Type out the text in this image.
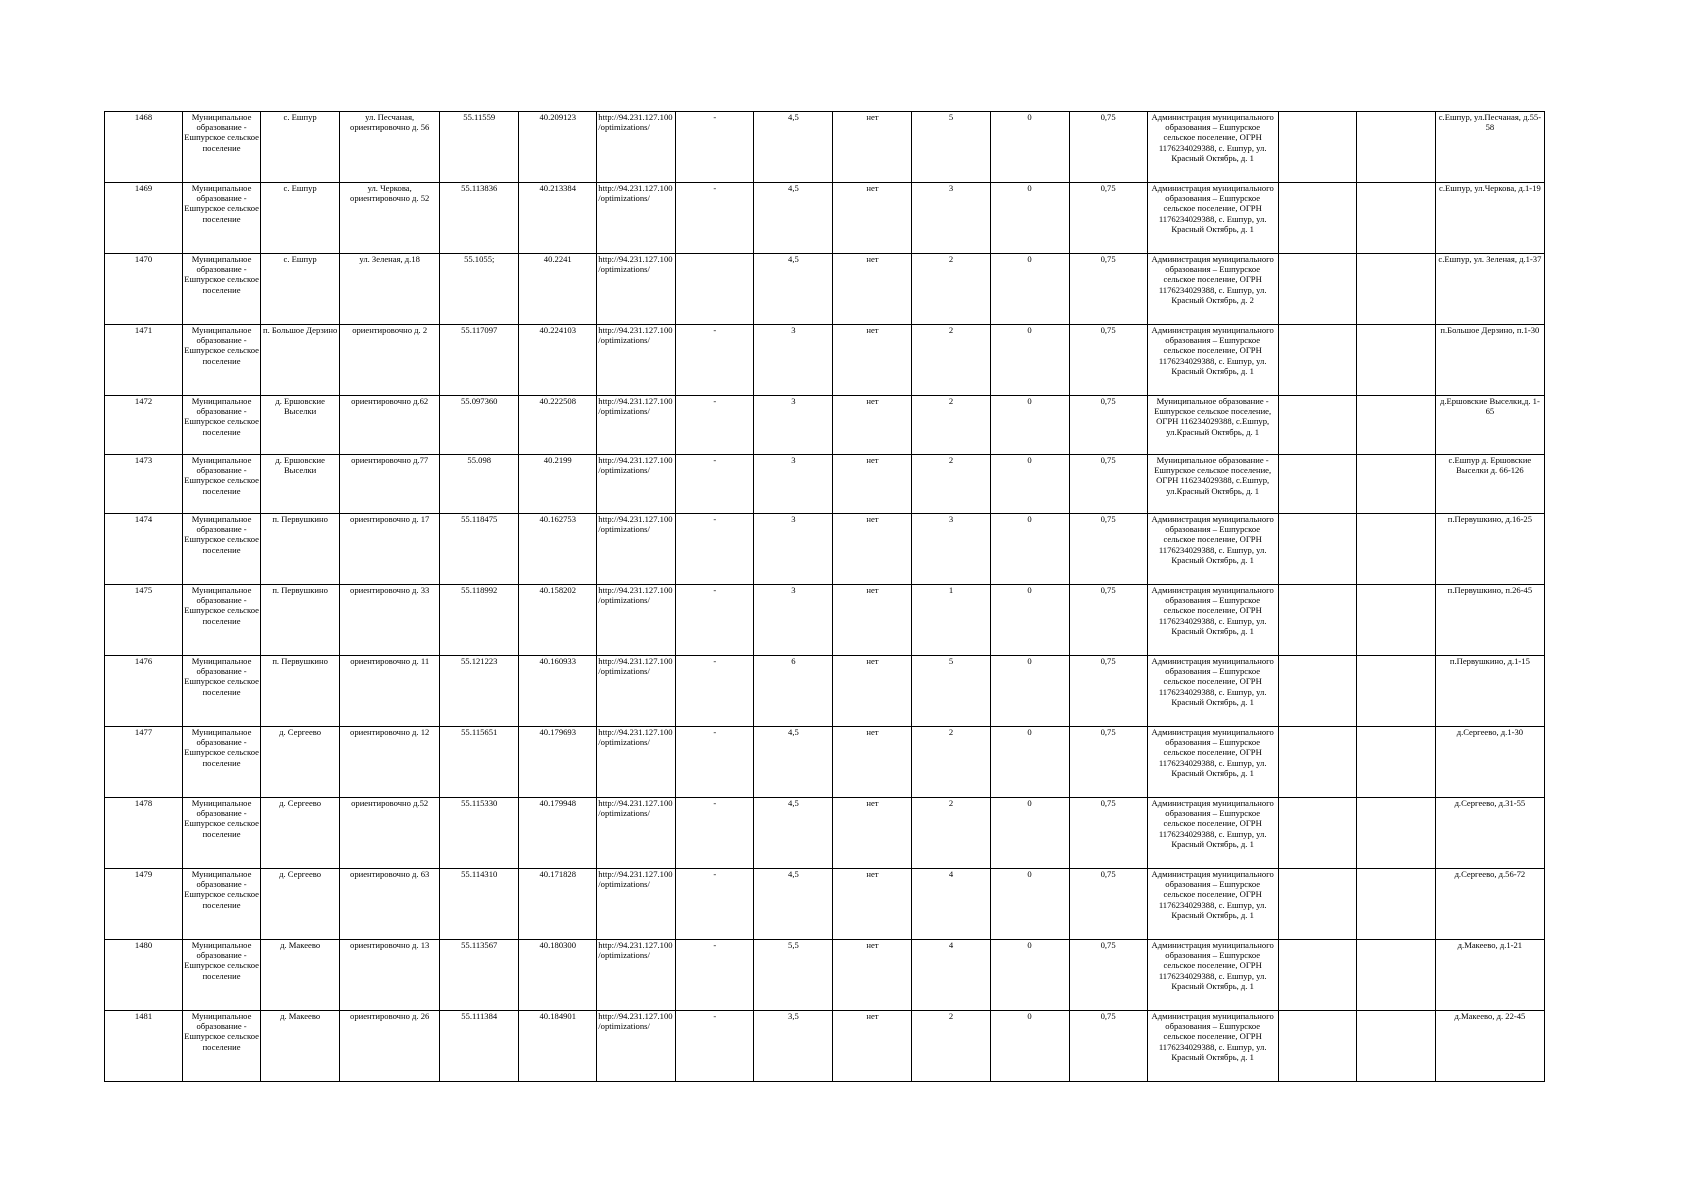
1468	Муниципальное образование - Ешпурское сельское поселение	с. Ешпур	ул. Песчаная, ориентировочно д. 56	55.11559	40.209123	http://94.231.127.100/optimizations/	-	4,5	нет	5	0	0,75	Администрация муниципального образования – Ешпурское сельское поселение, ОГРН 1176234029388, с. Ешпур, ул. Красный Октябрь, д. 1			с.Ешпур, ул.Песчаная, д.55-58
1469	Муниципальное образование - Ешпурское сельское поселение	с. Ешпур	ул. Черкова, ориентировочно д. 52	55.113836	40.213384	http://94.231.127.100/optimizations/	-	4,5	нет	3	0	0,75	Администрация муниципального образования – Ешпурское сельское поселение, ОГРН 1176234029388, с. Ешпур, ул. Красный Октябрь, д. 1			с.Ешпур, ул.Черкова, д.1-19
1470	Муниципальное образование - Ешпурское сельское поселение	с. Ешпур	ул. Зеленая, д.18	55.1055;	40.2241	http://94.231.127.100/optimizations/		4,5	нет	2	0	0,75	Администрация муниципального образования – Ешпурское сельское поселение, ОГРН 1176234029388, с. Ешпур, ул. Красный Октябрь, д. 2			с.Ешпур, ул. Зеленая, д.1-37
1471	Муниципальное образование - Ешпурское сельское поселение	п. Большое Дерзино	ориентировочно д. 2	55.117097	40.224103	http://94.231.127.100/optimizations/	-	3	нет	2	0	0,75	Администрация муниципального образования – Ешпурское сельское поселение, ОГРН 1176234029388, с. Ешпур, ул. Красный Октябрь, д. 1			п.Большое Дерзино, п.1-30
1472	Муниципальное образование - Ешпурское сельское поселение	д. Ершовские Выселки	ориентировочно д.62	55.097360	40.222508	http://94.231.127.100/optimizations/	-	3	нет	2	0	0,75	Муниципальное образование - Ешпурское сельское поселение, ОГРН 116234029388, с.Ешпур, ул.Красный Октябрь, д. 1			д.Ершовские Выселки,д. 1-65
1473	Муниципальное образование - Ешпурское сельское поселение	д. Ершовские Выселки	ориентировочно д.77	55.098	40.2199	http://94.231.127.100/optimizations/	-	3	нет	2	0	0,75	Муниципальное образование - Ешпурское сельское поселение, ОГРН 116234029388, с.Ешпур, ул.Красный Октябрь, д. 1			с.Ешпур д. Ершовские Выселки д. 66-126
1474	Муниципальное образование - Ешпурское сельское поселение	п. Первушкино	ориентировочно д. 17	55.118475	40.162753	http://94.231.127.100/optimizations/	-	3	нет	3	0	0,75	Администрация муниципального образования – Ешпурское сельское поселение, ОГРН 1176234029388, с. Ешпур, ул. Красный Октябрь, д. 1			п.Первушкино, д.16-25
1475	Муниципальное образование - Ешпурское сельское поселение	п. Первушкино	ориентировочно д. 33	55.118992	40.158202	http://94.231.127.100/optimizations/	-	3	нет	1	0	0,75	Администрация муниципального образования – Ешпурское сельское поселение, ОГРН 1176234029388, с. Ешпур, ул. Красный Октябрь, д. 1			п.Первушкино, п.26-45
1476	Муниципальное образование - Ешпурское сельское поселение	п. Первушкино	ориентировочно д. 11	55.121223	40.160933	http://94.231.127.100/optimizations/	-	6	нет	5	0	0,75	Администрация муниципального образования – Ешпурское сельское поселение, ОГРН 1176234029388, с. Ешпур, ул. Красный Октябрь, д. 1			п.Первушкино, д.1-15
1477	Муниципальное образование - Ешпурское сельское поселение	д. Сергеево	ориентировочно д. 12	55.115651	40.179693	http://94.231.127.100/optimizations/	-	4,5	нет	2	0	0,75	Администрация муниципального образования – Ешпурское сельское поселение, ОГРН 1176234029388, с. Ешпур, ул. Красный Октябрь, д. 1			д.Сергеево, д.1-30
1478	Муниципальное образование - Ешпурское сельское поселение	д. Сергеево	ориентировочно д.52	55.115330	40.179948	http://94.231.127.100/optimizations/	-	4,5	нет	2	0	0,75	Администрация муниципального образования – Ешпурское сельское поселение, ОГРН 1176234029388, с. Ешпур, ул. Красный Октябрь, д. 1			д.Сергеево, д.31-55
1479	Муниципальное образование - Ешпурское сельское поселение	д. Сергеево	ориентировочно д. 63	55.114310	40.171828	http://94.231.127.100/optimizations/	-	4,5	нет	4	0	0,75	Администрация муниципального образования – Ешпурское сельское поселение, ОГРН 1176234029388, с. Ешпур, ул. Красный Октябрь, д. 1			д.Сергеево, д.56-72
1480	Муниципальное образование - Ешпурское сельское поселение	д. Макеево	ориентировочно д. 13	55.113567	40.180300	http://94.231.127.100/optimizations/	-	5,5	нет	4	0	0,75	Администрация муниципального образования – Ешпурское сельское поселение, ОГРН 1176234029388, с. Ешпур, ул. Красный Октябрь, д. 1			д.Макеево, д.1-21
1481	Муниципальное образование - Ешпурское сельское поселение	д. Макеево	ориентировочно д. 26	55.111384	40.184901	http://94.231.127.100/optimizations/	-	3,5	нет	2	0	0,75	Администрация муниципального образования – Ешпурское сельское поселение, ОГРН 1176234029388, с. Ешпур, ул. Красный Октябрь, д. 1			д.Макеево, д. 22-45
